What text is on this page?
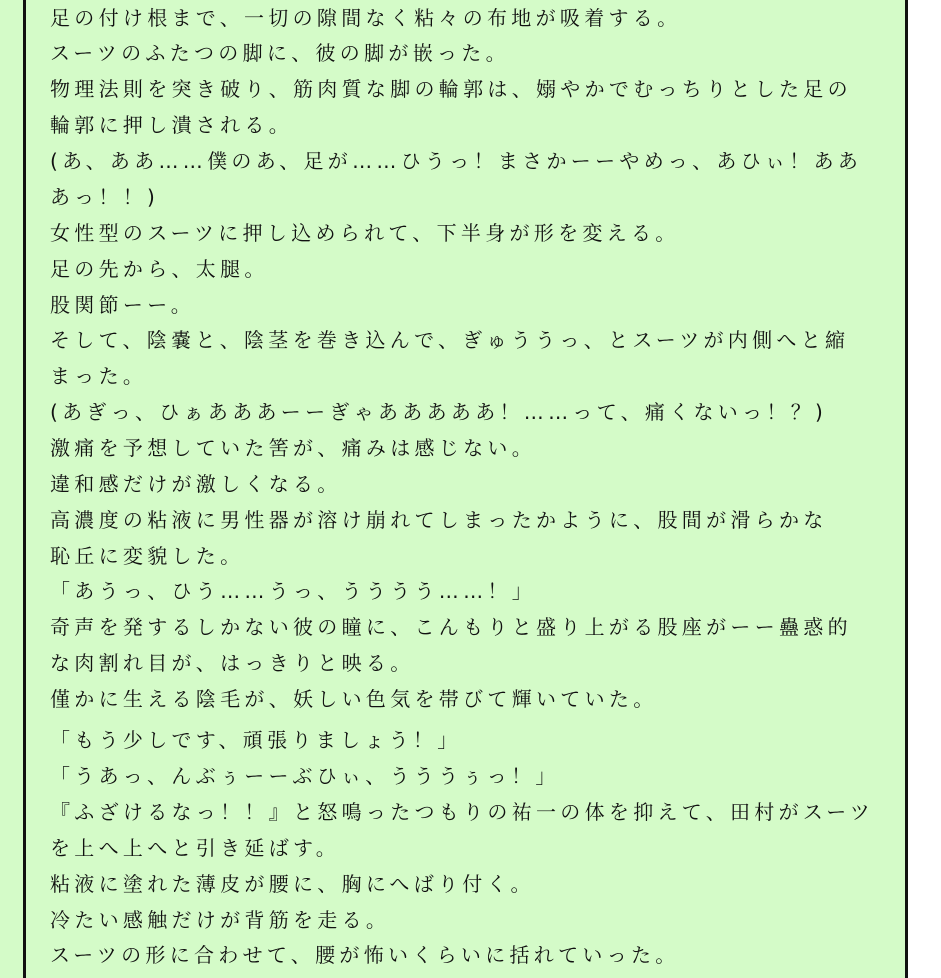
足の付け根まで、一切の隙間なく粘々の布地が吸着する。
スーツのふたつの脚に、彼の脚が嵌った。
物理法則を突き破り、筋肉質な脚の輪郭は、嫋やかでむっちりとした足の
輪郭に押し潰される。
(あ、ああ……僕のあ、足が……ひうっ！まさかーーやめっ、あひぃ！ああ
あっ！！)
女性型のスーツに押し込められて、下半身が形を変える。
足の先から、太腿。
股関節ーー。
そして、陰嚢と、陰茎を巻き込んで、ぎゅううっ、とスーツが内側へと縮
まった。
(あぎっ、ひぁあああーーぎゃあああああ！……って、痛くないっ！？)
激痛を予想していた筈が、痛みは感じない。
違和感だけが激しくなる。
高濃度の粘液に男性器が溶け崩れてしまったかように、股間が滑らかな
恥丘に変貌した。
「あうっ、ひう……うっ、うううう……！」
奇声を発するしかない彼の瞳に、こんもりと盛り上がる股座がーー蠱惑的
な肉割れ目が、はっきりと映る。
僅かに生える陰毛が、妖しい色気を帯びて輝いていた。
「もう少しです、頑張りましょう！」
「うあっ、んぶぅーーぶひぃ、うううぅっ！」
『ふざけるなっ！！』と怒鳴ったつもりの祐一の体を抑えて、田村がスーツ
を上へ上へと引き延ばす。
粘液に塗れた薄皮が腰に、胸にへばり付く。
冷たい感触だけが背筋を走る。
スーツの形に合わせて、腰が怖いくらいに括れていった。
